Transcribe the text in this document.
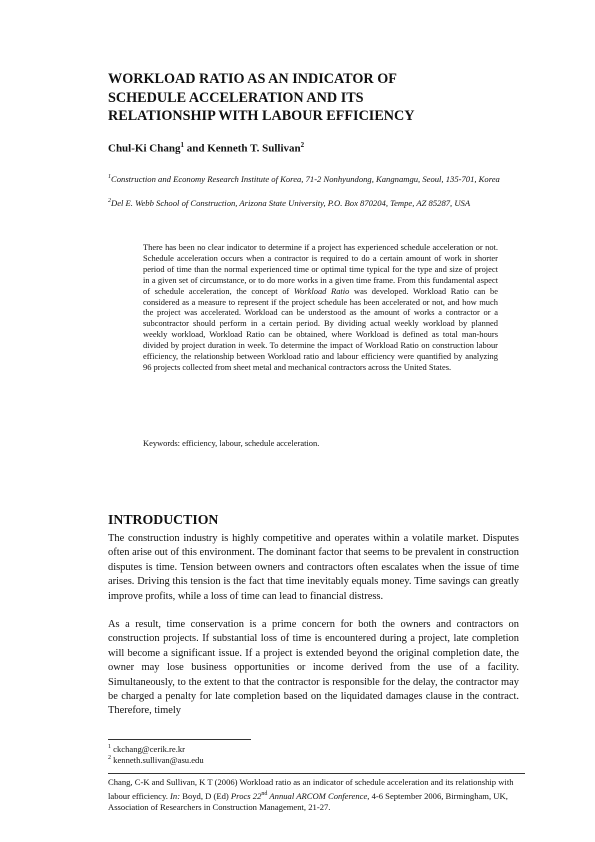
WORKLOAD RATIO AS AN INDICATOR OF
SCHEDULE ACCELERATION AND ITS
RELATIONSHIP WITH LABOUR EFFICIENCY
Chul-Ki Chang$^1$ and Kenneth T. Sullivan$^2$
$^1$Construction and Economy Research Institute of Korea, 71-2 Nonhyundong, Kangnamgu, Seoul, 135-701, Korea
$^2$Del E. Webb School of Construction, Arizona State University, P.O. Box 870204, Tempe, AZ 85287, USA
There has been no clear indicator to determine if a project has experienced schedule acceleration or not. Schedule acceleration occurs when a contractor is required to do a certain amount of work in shorter period of time than the normal experienced time or optimal time typical for the type and size of project in a given set of circumstance, or to do more works in a given time frame. From this fundamental aspect of schedule acceleration, the concept of Workload Ratio was developed. Workload Ratio can be considered as a measure to represent if the project schedule has been accelerated or not, and how much the project was accelerated. Workload can be understood as the amount of works a contractor or a subcontractor should perform in a certain period. By dividing actual weekly workload by planned weekly workload, Workload Ratio can be obtained, where Workload is defined as total man-hours divided by project duration in week. To determine the impact of Workload Ratio on construction labour efficiency, the relationship between Workload ratio and labour efficiency were quantified by analyzing 96 projects collected from sheet metal and mechanical contractors across the United States.
Keywords: efficiency, labour, schedule acceleration.
INTRODUCTION

The construction industry is highly competitive and operates within a volatile market. Disputes often arise out of this environment. The dominant factor that seems to be prevalent in construction disputes is time. Tension between owners and contractors often escalates when the issue of time arises. Driving this tension is the fact that time inevitably equals money. Time savings can greatly improve profits, while a loss of time can lead to financial distress.

As a result, time conservation is a prime concern for both the owners and contractors on construction projects. If substantial loss of time is encountered during a project, late completion will become a significant issue. If a project is extended beyond the original completion date, the owner may lose business opportunities or income derived from the use of a facility. Simultaneously, to the extent to that the contractor is responsible for the delay, the contractor may be charged a penalty for late completion based on the liquidated damages clause in the contract. Therefore, timely

$^1$ ckchang@cerik.re.kr
$^2$ kenneth.sullivan@asu.edu
Chang, C-K and Sullivan, K T (2006) Workload ratio as an indicator of schedule acceleration and its relationship with labour efficiency. In: Boyd, D (Ed) Procs 22nd Annual ARCOM Conference, 4-6 September 2006, Birmingham, UK, Association of Researchers in Construction Management, 21-27.
